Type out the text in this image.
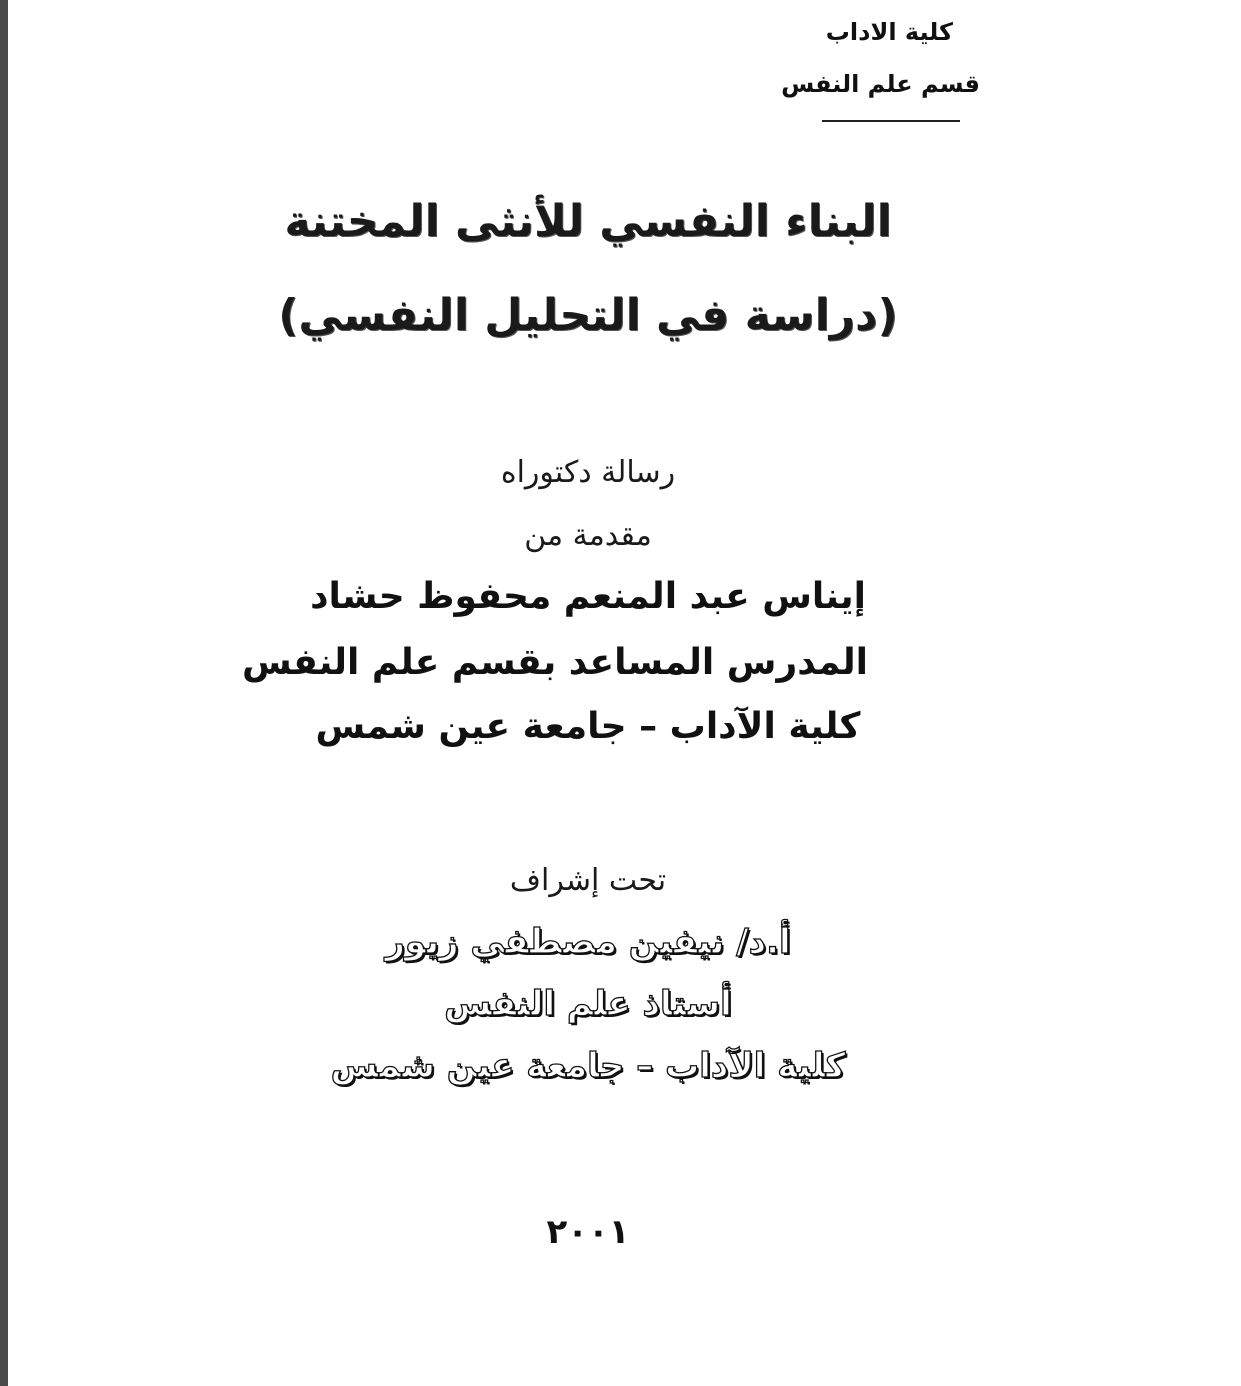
كلية الاداب
قسم علم النفس
البناء النفسي للأنثى المختنة
(دراسة في التحليل النفسي)
رسالة دكتوراه
مقدمة من
إيناس عبد المنعم محفوظ حشاد
المدرس المساعد بقسم علم النفس
كلية الآداب – جامعة عين شمس
تحت إشراف
أ.د/ نيفين مصطفي زيور
أستاذ علم النفس
كلية الآداب – جامعة عين شمس
٢٠٠١
